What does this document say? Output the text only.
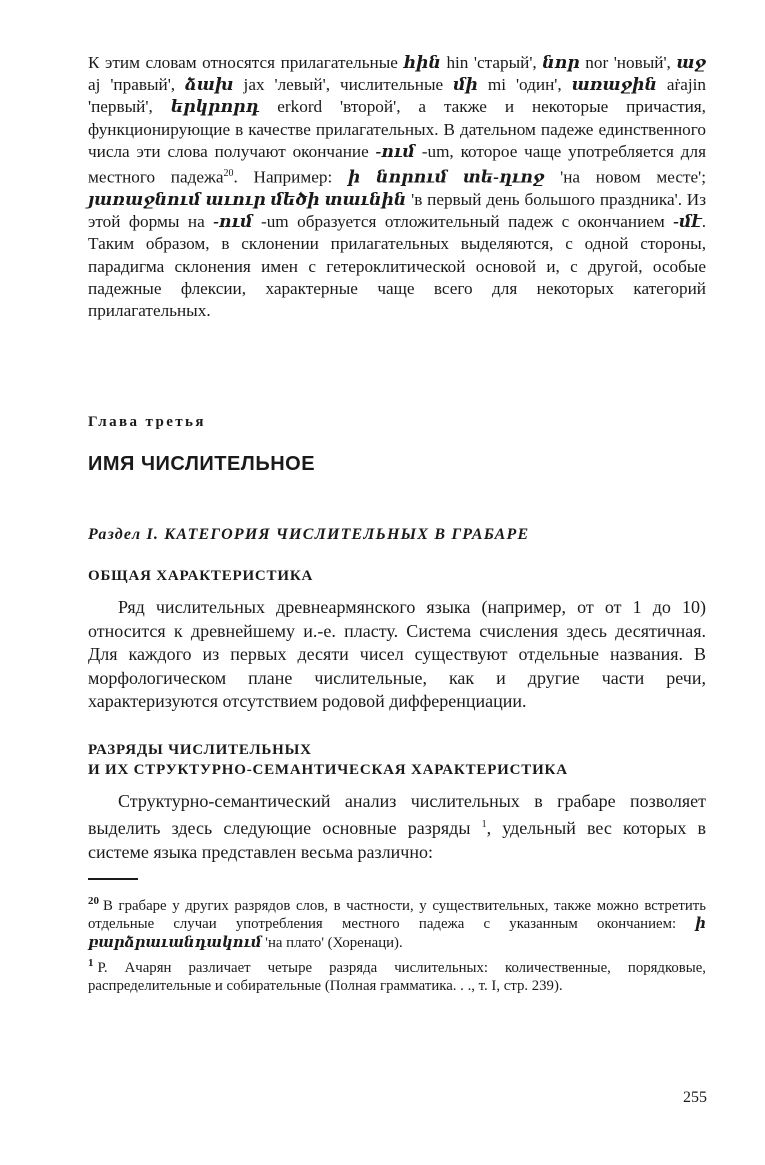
К этим словам относятся прилагательные հին hin 'старый', նոր nor 'новый', աջ aj 'правый', ձախ jax 'левый', числительные մի mi 'один', առաջին aṙajin 'первый', երկրորդ erkord 'второй', а также и некоторые причастия, функционирующие в качестве прилагательных. В дательном падеже единственного числа эти слова получают окончание -ում -um, которое чаще употребляется для местного падежа$^{20}$. Например: ի նորում տե-ղւոջ 'на новом месте'; յառաջնում աւուր մեծի տաւնին 'в первый день большого праздника'. Из этой формы на -ում -um образуется отложительный падеж с окончанием -մէ. Таким образом, в склонении прилагательных выделяются, с одной стороны, парадигма склонения имен с гетероклитической основой и, с другой, особые падежные флексии, характерные чаще всего для некоторых категорий прилагательных.

Глава третья
ИМЯ ЧИСЛИТЕЛЬНОЕ
Раздел I. КАТЕГОРИЯ ЧИСЛИТЕЛЬНЫХ В ГРАБАРЕ
ОБЩАЯ ХАРАКТЕРИСТИКА

Ряд числительных древнеармянского языка (например, от от 1 до 10) относится к древнейшему и.-е. пласту. Система счисления здесь десятичная. Для каждого из первых десяти чисел существуют отдельные названия. В морфологическом плане числительные, как и другие части речи, характеризуются отсутствием родовой дифференциации.

РАЗРЯДЫ ЧИСЛИТЕЛЬНЫХ
И ИХ СТРУКТУРНО-СЕМАНТИЧЕСКАЯ ХАРАКТЕРИСТИКА

Структурно-семантический анализ числительных в грабаре позволяет выделить здесь следующие основные разряды $^1$, удельный вес которых в системе языка представлен весьма различно:

$^{20}$ В грабаре у других разрядов слов, в частности, у существительных, также можно встретить отдельные случаи употребления местного падежа с указанным окончанием: ի բարձրաւանդակում 'на плато' (Хоренаци).

$^1$ Р. Ачарян различает четыре разряда числительных: количественные, порядковые, распределительные и собирательные (Полная грамматика. . ., т. I, стр. 239).

255
